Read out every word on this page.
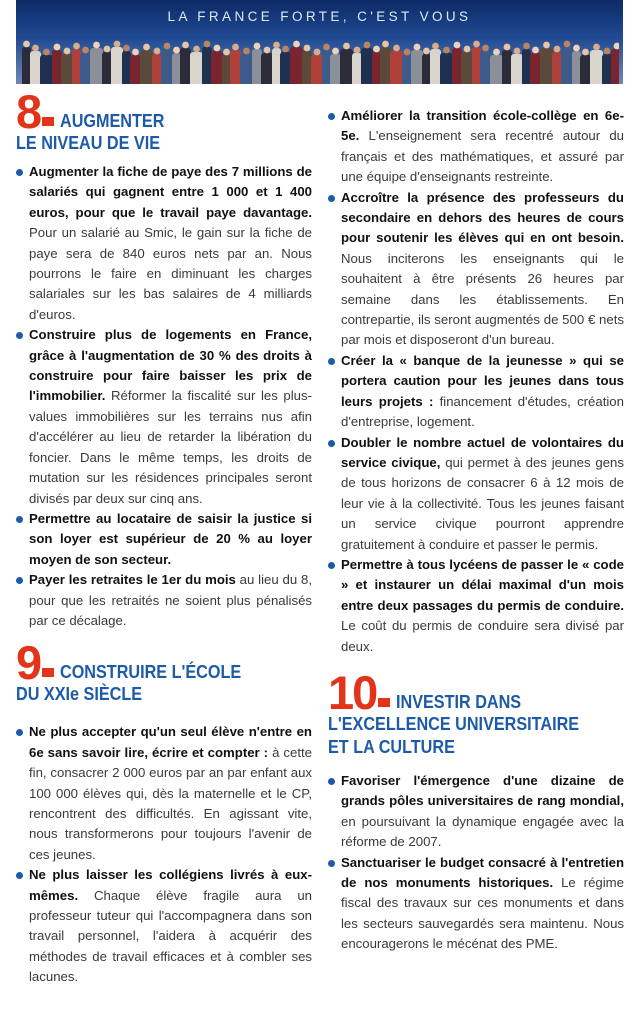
LA FRANCE FORTE, C'EST VOUS
8 AUGMENTER
LE NIVEAU DE VIE
Augmenter la fiche de paye des 7 millions de salariés qui gagnent entre 1 000 et 1 400 euros, pour que le travail paye davantage. Pour un salarié au Smic, le gain sur la fiche de paye sera de 840 euros nets par an. Nous pourrons le faire en diminuant les charges salariales sur les bas salaires de 4 milliards d'euros.
Construire plus de logements en France, grâce à l'augmentation de 30 % des droits à construire pour faire baisser les prix de l'immobilier. Réformer la fiscalité sur les plus-values immobilières sur les terrains nus afin d'accélérer au lieu de retarder la libération du foncier. Dans le même temps, les droits de mutation sur les résidences principales seront divisés par deux sur cinq ans.
Permettre au locataire de saisir la justice si son loyer est supérieur de 20 % au loyer moyen de son secteur.
Payer les retraites le 1er du mois au lieu du 8, pour que les retraités ne soient plus pénalisés par ce décalage.
9 CONSTRUIRE L'ÉCOLE
DU XXIe SIÈCLE
Ne plus accepter qu'un seul élève n'entre en 6e sans savoir lire, écrire et compter : à cette fin, consacrer 2 000 euros par an par enfant aux 100 000 élèves qui, dès la maternelle et le CP, rencontrent des difficultés. En agissant vite, nous transformerons pour toujours l'avenir de ces jeunes.
Ne plus laisser les collégiens livrés à eux-mêmes. Chaque élève fragile aura un professeur tuteur qui l'accompagnera dans son travail personnel, l'aidera à acquérir des méthodes de travail efficaces et à combler ses lacunes.
Améliorer la transition école-collège en 6e-5e. L'enseignement sera recentré autour du français et des mathématiques, et assuré par une équipe d'enseignants restreinte.
Accroître la présence des professeurs du secondaire en dehors des heures de cours pour soutenir les élèves qui en ont besoin. Nous inciterons les enseignants qui le souhaitent à être présents 26 heures par semaine dans les établissements. En contrepartie, ils seront augmentés de 500 € nets par mois et disposeront d'un bureau.
Créer la « banque de la jeunesse » qui se portera caution pour les jeunes dans tous leurs projets : financement d'études, création d'entreprise, logement.
Doubler le nombre actuel de volontaires du service civique, qui permet à des jeunes gens de tous horizons de consacrer 6 à 12 mois de leur vie à la collectivité. Tous les jeunes faisant un service civique pourront apprendre gratuitement à conduire et passer le permis.
Permettre à tous lycéens de passer le « code » et instaurer un délai maximal d'un mois entre deux passages du permis de conduire. Le coût du permis de conduire sera divisé par deux.
10 INVESTIR DANS
L'EXCELLENCE UNIVERSITAIRE
ET LA CULTURE
Favoriser l'émergence d'une dizaine de grands pôles universitaires de rang mondial, en poursuivant la dynamique engagée avec la réforme de 2007.
Sanctuariser le budget consacré à l'entretien de nos monuments historiques. Le régime fiscal des travaux sur ces monuments et dans les secteurs sauvegardés sera maintenu. Nous encouragerons le mécénat des PME.
